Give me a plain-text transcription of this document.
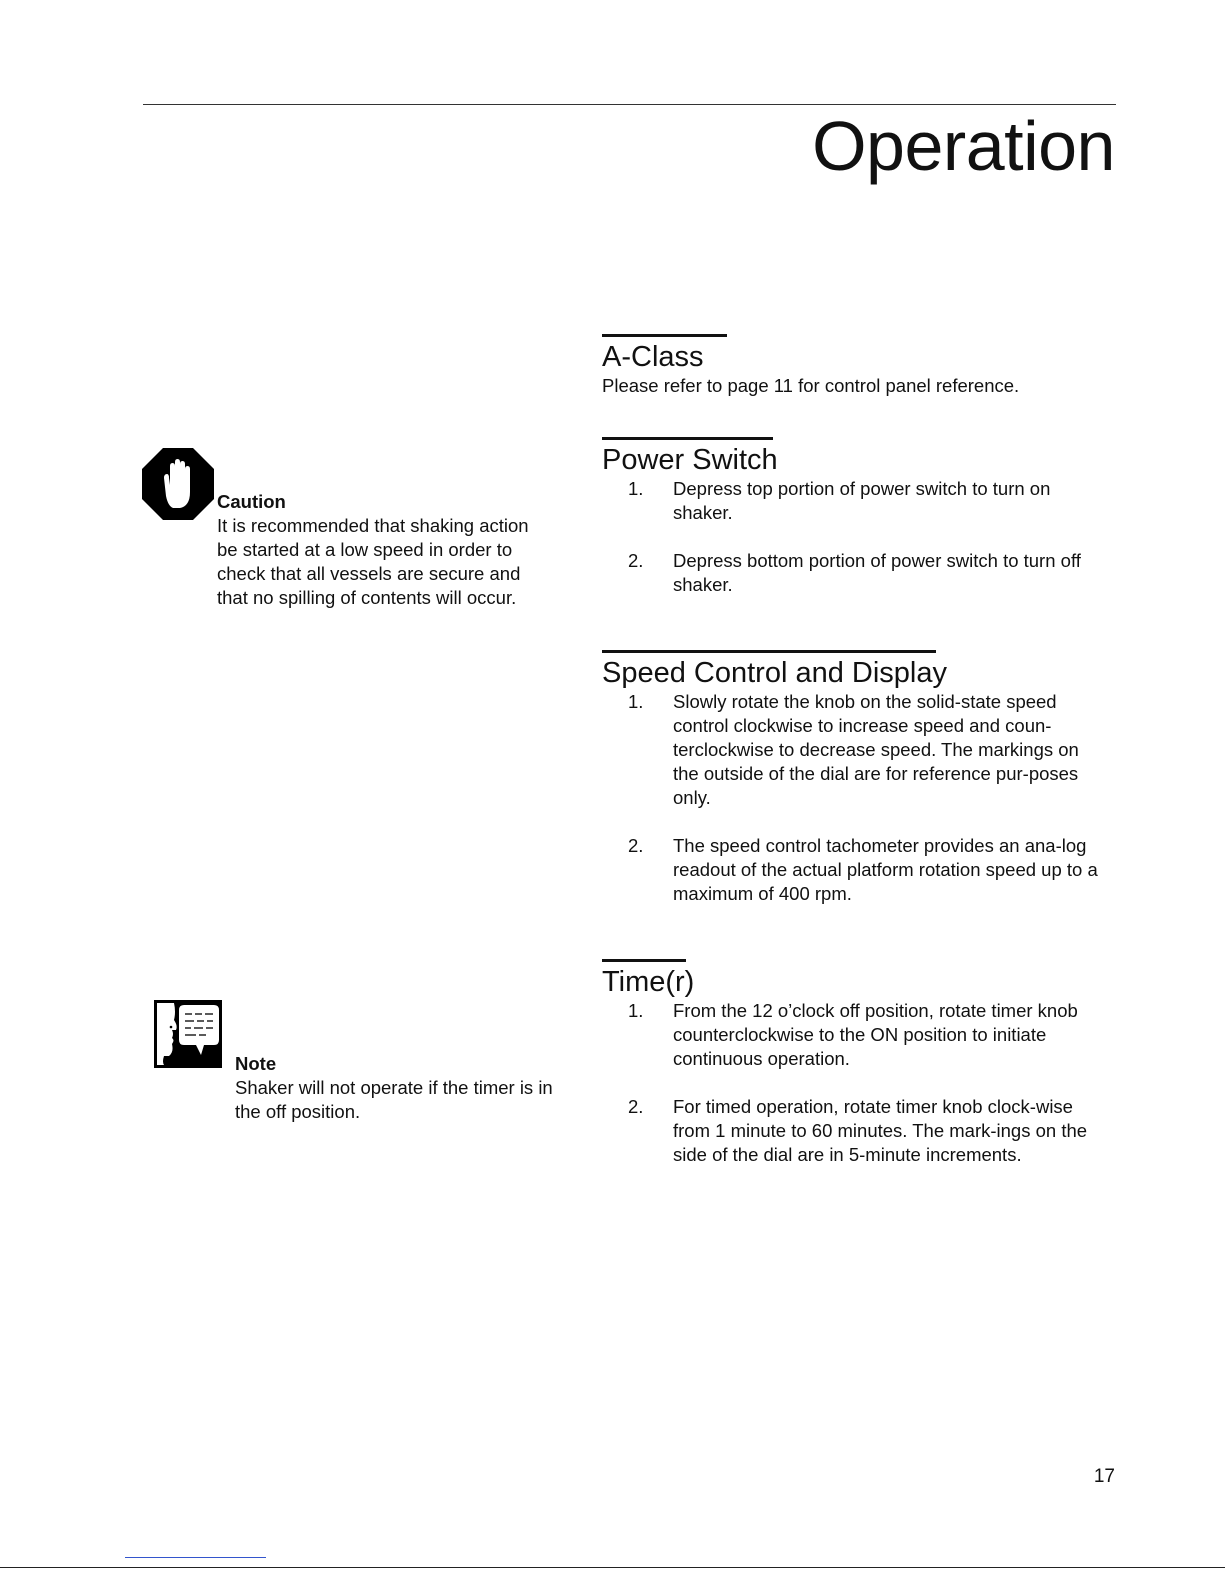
Operation
A-Class
Please refer to page 11 for control panel reference.
Power Switch
1. Depress top portion of power switch to turn on shaker.
2. Depress bottom portion of power switch to turn off shaker.
Speed Control and Display
1. Slowly rotate the knob on the solid-state speed control clockwise to increase speed and coun-terclockwise to decrease speed. The markings on the outside of the dial are for reference pur-poses only.
2. The speed control tachometer provides an ana-log readout of the actual platform rotation speed up to a maximum of 400 rpm.
Time(r)
1. From the 12 o’clock off position, rotate timer knob counterclockwise to the ON position to initiate continuous operation.
2. For timed operation, rotate timer knob clock-wise from 1 minute to 60 minutes. The mark-ings on the side of the dial are in 5-minute increments.
Caution
It is recommended that shaking action be started at a low speed in order to check that all vessels are secure and that no spilling of contents will occur.
Note
Shaker will not operate if the timer is in the off position.
17
